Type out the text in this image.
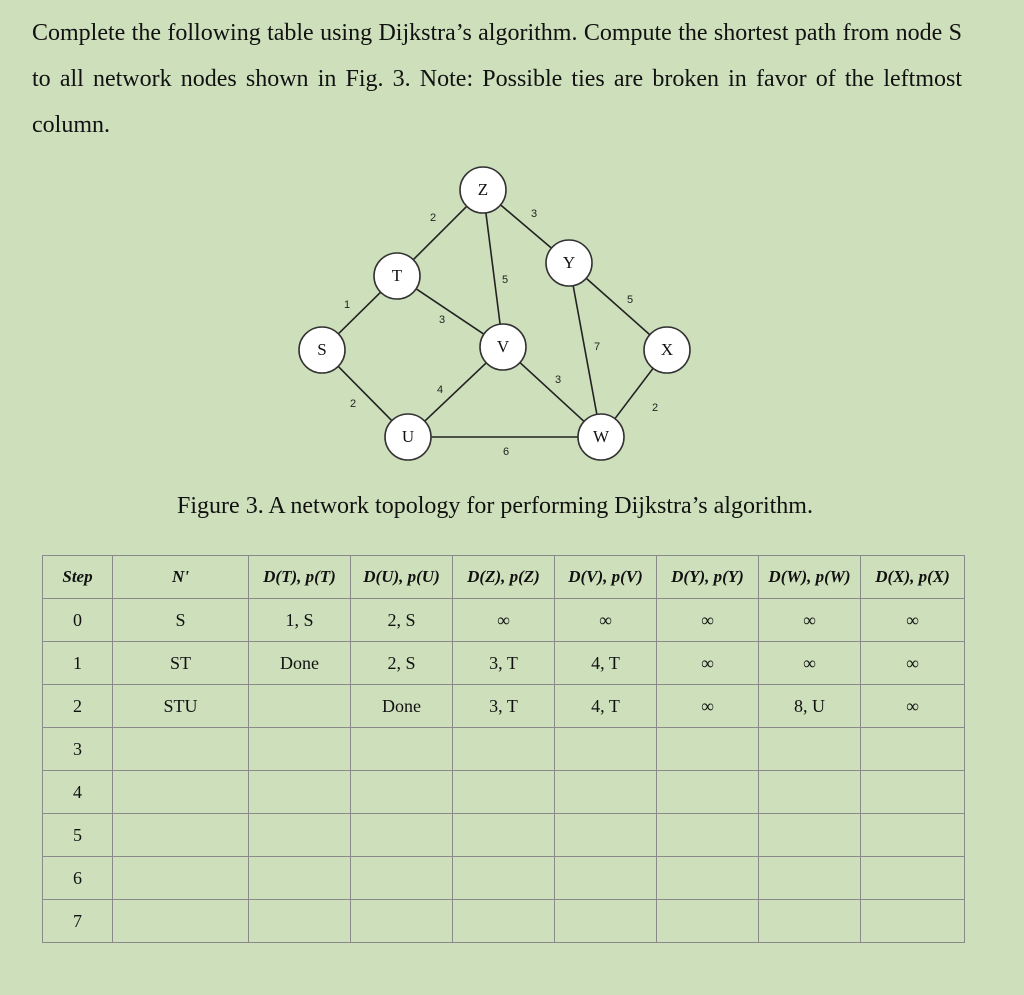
Complete the following table using Dijkstra’s algorithm. Compute the shortest path from node S to all network nodes shown in Fig. 3. Note: Possible ties are broken in favor of the leftmost column.
1
2
2
3
4
6
5
3
3
7
5
2
S
T
U
Z
V
Y
W
X
Figure 3. A network topology for performing Dijkstra’s algorithm.
Step	N'	D(T), p(T)	D(U), p(U)	D(Z), p(Z)	D(V), p(V)	D(Y), p(Y)	D(W), p(W)	D(X), p(X)
0	S	1, S	2, S	∞	∞	∞	∞	∞
1	ST	Done	2, S	3, T	4, T	∞	∞	∞
2	STU		Done	3, T	4, T	∞	8, U	∞
3								
4								
5								
6								
7								
